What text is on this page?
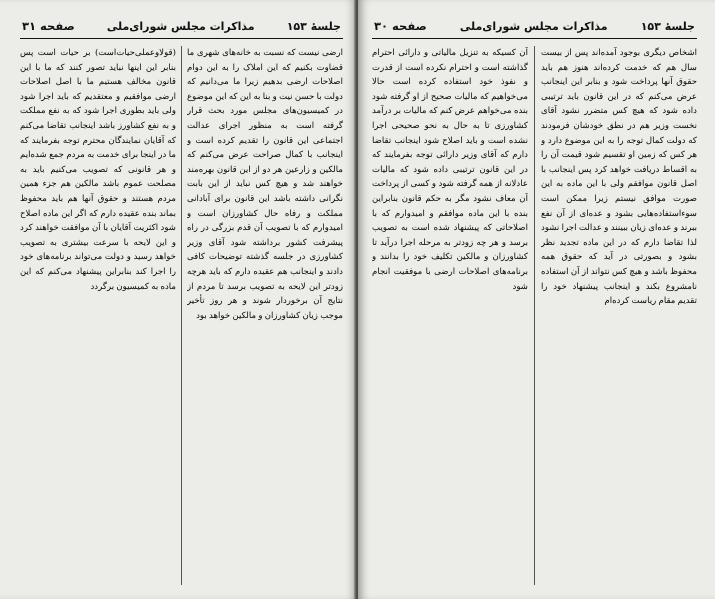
جلسهٔ ۱۵۳
مذاکرات مجلس شورای‌ملی
صفحه ۳۱
ارضی نیست که نسبت به خانه‌های شهری ما قضاوت بکنیم که این املاک را به این دوام اصلاحات ارضی بدهیم زیرا ما می‌دانیم که دولت با حسن نیت و بنا به این که این موضوع در کمیسیون‌های مجلس مورد بحث قرار گرفته است به منظور اجرای عدالت اجتماعی این قانون را تقدیم کرده است و اینجانب با کمال صراحت عرض می‌کنم که مالکین و زارعین هر دو از این قانون بهره‌مند خواهند شد و هیچ کس نباید از این بابت نگرانی داشته باشد این قانون برای آبادانی مملکت و رفاه حال کشاورزان است و امیدوارم که با تصویب آن قدم بزرگی در راه پیشرفت کشور برداشته شود آقای وزیر کشاورزی در جلسه گذشته توضیحات کافی دادند و اینجانب هم عقیده دارم که باید هرچه زودتر این لایحه به تصویب برسد تا مردم از نتایج آن برخوردار شوند و هر روز تأخیر موجب زیان کشاورزان و مالکین خواهد بود
(قولا‌و‌عملی‌حیات‌است) بر حیات است پس بنابر این اینها نباید تصور کنند که ما با این قانون مخالف هستیم ما با اصل اصلاحات ارضی موافقیم و معتقدیم که باید اجرا شود ولی باید بطوری اجرا شود که به نفع مملکت و به نفع کشاورز باشد اینجانب تقاضا می‌کنم که آقایان نمایندگان محترم توجه بفرمایند که ما در اینجا برای خدمت به مردم جمع شده‌ایم و هر قانونی که تصویب می‌کنیم باید به مصلحت عموم باشد مالکین هم جزء همین مردم هستند و حقوق آنها هم باید محفوظ بماند بنده عقیده دارم که اگر این ماده اصلاح شود اکثریت آقایان با آن موافقت خواهند کرد و این لایحه با سرعت بیشتری به تصویب خواهد رسید و دولت می‌تواند برنامه‌های خود را اجرا کند بنابراین پیشنهاد می‌کنم که این ماده به کمیسیون برگردد
جلسهٔ ۱۵۳
مذاکرات مجلس شورای‌ملی
صفحه ۳۰
اشخاص دیگری بوجود آمده‌اند پس از بیست سال هم که خدمت کرده‌اند هنوز هم باید حقوق آنها پرداخت شود و بنابر این اینجانب عرض می‌کنم که در این قانون باید ترتیبی داده شود که هیچ کس متضرر نشود آقای نخست وزیر هم در نطق خودشان فرمودند که دولت کمال توجه را به این موضوع دارد و هر کس که زمین او تقسیم شود قیمت آن را به اقساط دریافت خواهد کرد پس اینجانب با اصل قانون موافقم ولی با این ماده به این صورت موافق نیستم زیرا ممکن است سوءاستفاده‌هایی بشود و عده‌ای از آن نفع ببرند و عده‌ای زیان ببینند و عدالت اجرا نشود لذا تقاضا دارم که در این ماده تجدید نظر بشود و بصورتی در آید که حقوق همه محفوظ باشد و هیچ کس نتواند از آن استفاده نامشروع بکند و اینجانب پیشنهاد خود را تقدیم مقام ریاست کرده‌ام
آن کسیکه به تنزیل مالیاتی و دارائی احترام گذاشته است و احترام نکرده است از قدرت و نفوذ خود استفاده کرده است حالا می‌خواهیم که مالیات صحیح از او گرفته شود بنده می‌خواهم عرض کنم که مالیات بر درآمد کشاورزی تا به حال به نحو صحیحی اجرا نشده است و باید اصلاح شود اینجانب تقاضا دارم که آقای وزیر دارائی توجه بفرمایند که در این قانون ترتیبی داده شود که مالیات عادلانه از همه گرفته شود و کسی از پرداخت آن معاف نشود مگر به حکم قانون بنابراین بنده با این ماده موافقم و امیدوارم که با اصلاحاتی که پیشنهاد شده است به تصویب برسد و هر چه زودتر به مرحله اجرا درآید تا کشاورزان و مالکین تکلیف خود را بدانند و برنامه‌های اصلاحات ارضی با موفقیت انجام شود
